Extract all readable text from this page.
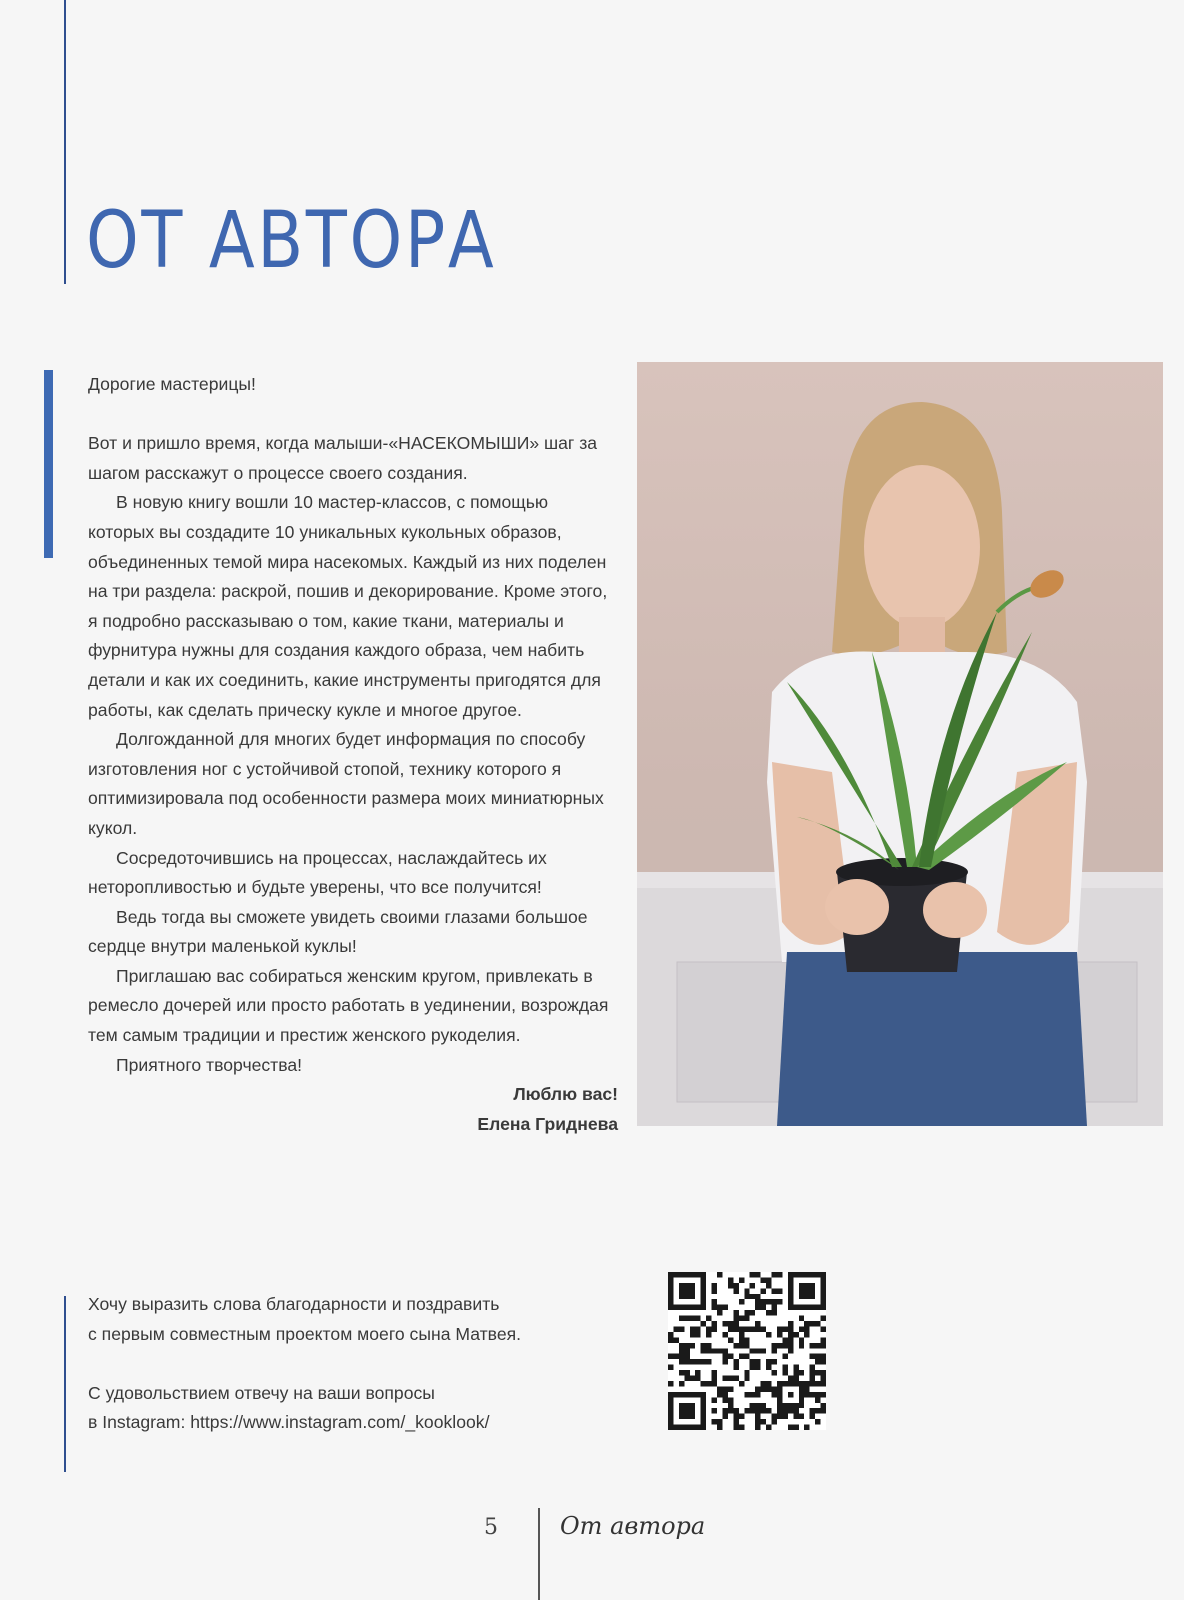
ОТ АВТОРА

Дорогие мастерицы!

Вот и пришло время, когда малыши-«НАСЕКОМЫШИ» шаг за шагом расскажут о процессе своего создания.

В новую книгу вошли 10 мастер-классов, с помощью которых вы создадите 10 уникальных кукольных образов, объединенных темой мира насекомых. Каждый из них поделен на три раздела: раскрой, пошив и декорирование. Кроме этого, я подробно рассказываю о том, какие ткани, материалы и фурнитура нужны для создания каждого образа, чем набить детали и как их соединить, какие инструменты пригодятся для работы, как сделать прическу кукле и многое другое.

Долгожданной для многих будет информация по способу изготовления ног с устойчивой стопой, технику которого я оптимизировала под особенности размера моих миниатюрных кукол.

Сосредоточившись на процессах, наслаждайтесь их неторопливостью и будьте уверены, что все получится!

Ведь тогда вы сможете увидеть своими глазами большое сердце внутри маленькой куклы!

Приглашаю вас собираться женским кругом, привлекать в ремесло дочерей или просто работать в уединении, возрождая тем самым традиции и престиж женского рукоделия.

Приятного творчества!

Люблю вас!
Елена Гриднева

Хочу выразить слова благодарности и поздравить

с первым совместным проектом моего сына Матвея.

С удовольствием отвечу на ваши вопросы

в Instagram: https://www.instagram.com/_kooklook/

5	От автора
